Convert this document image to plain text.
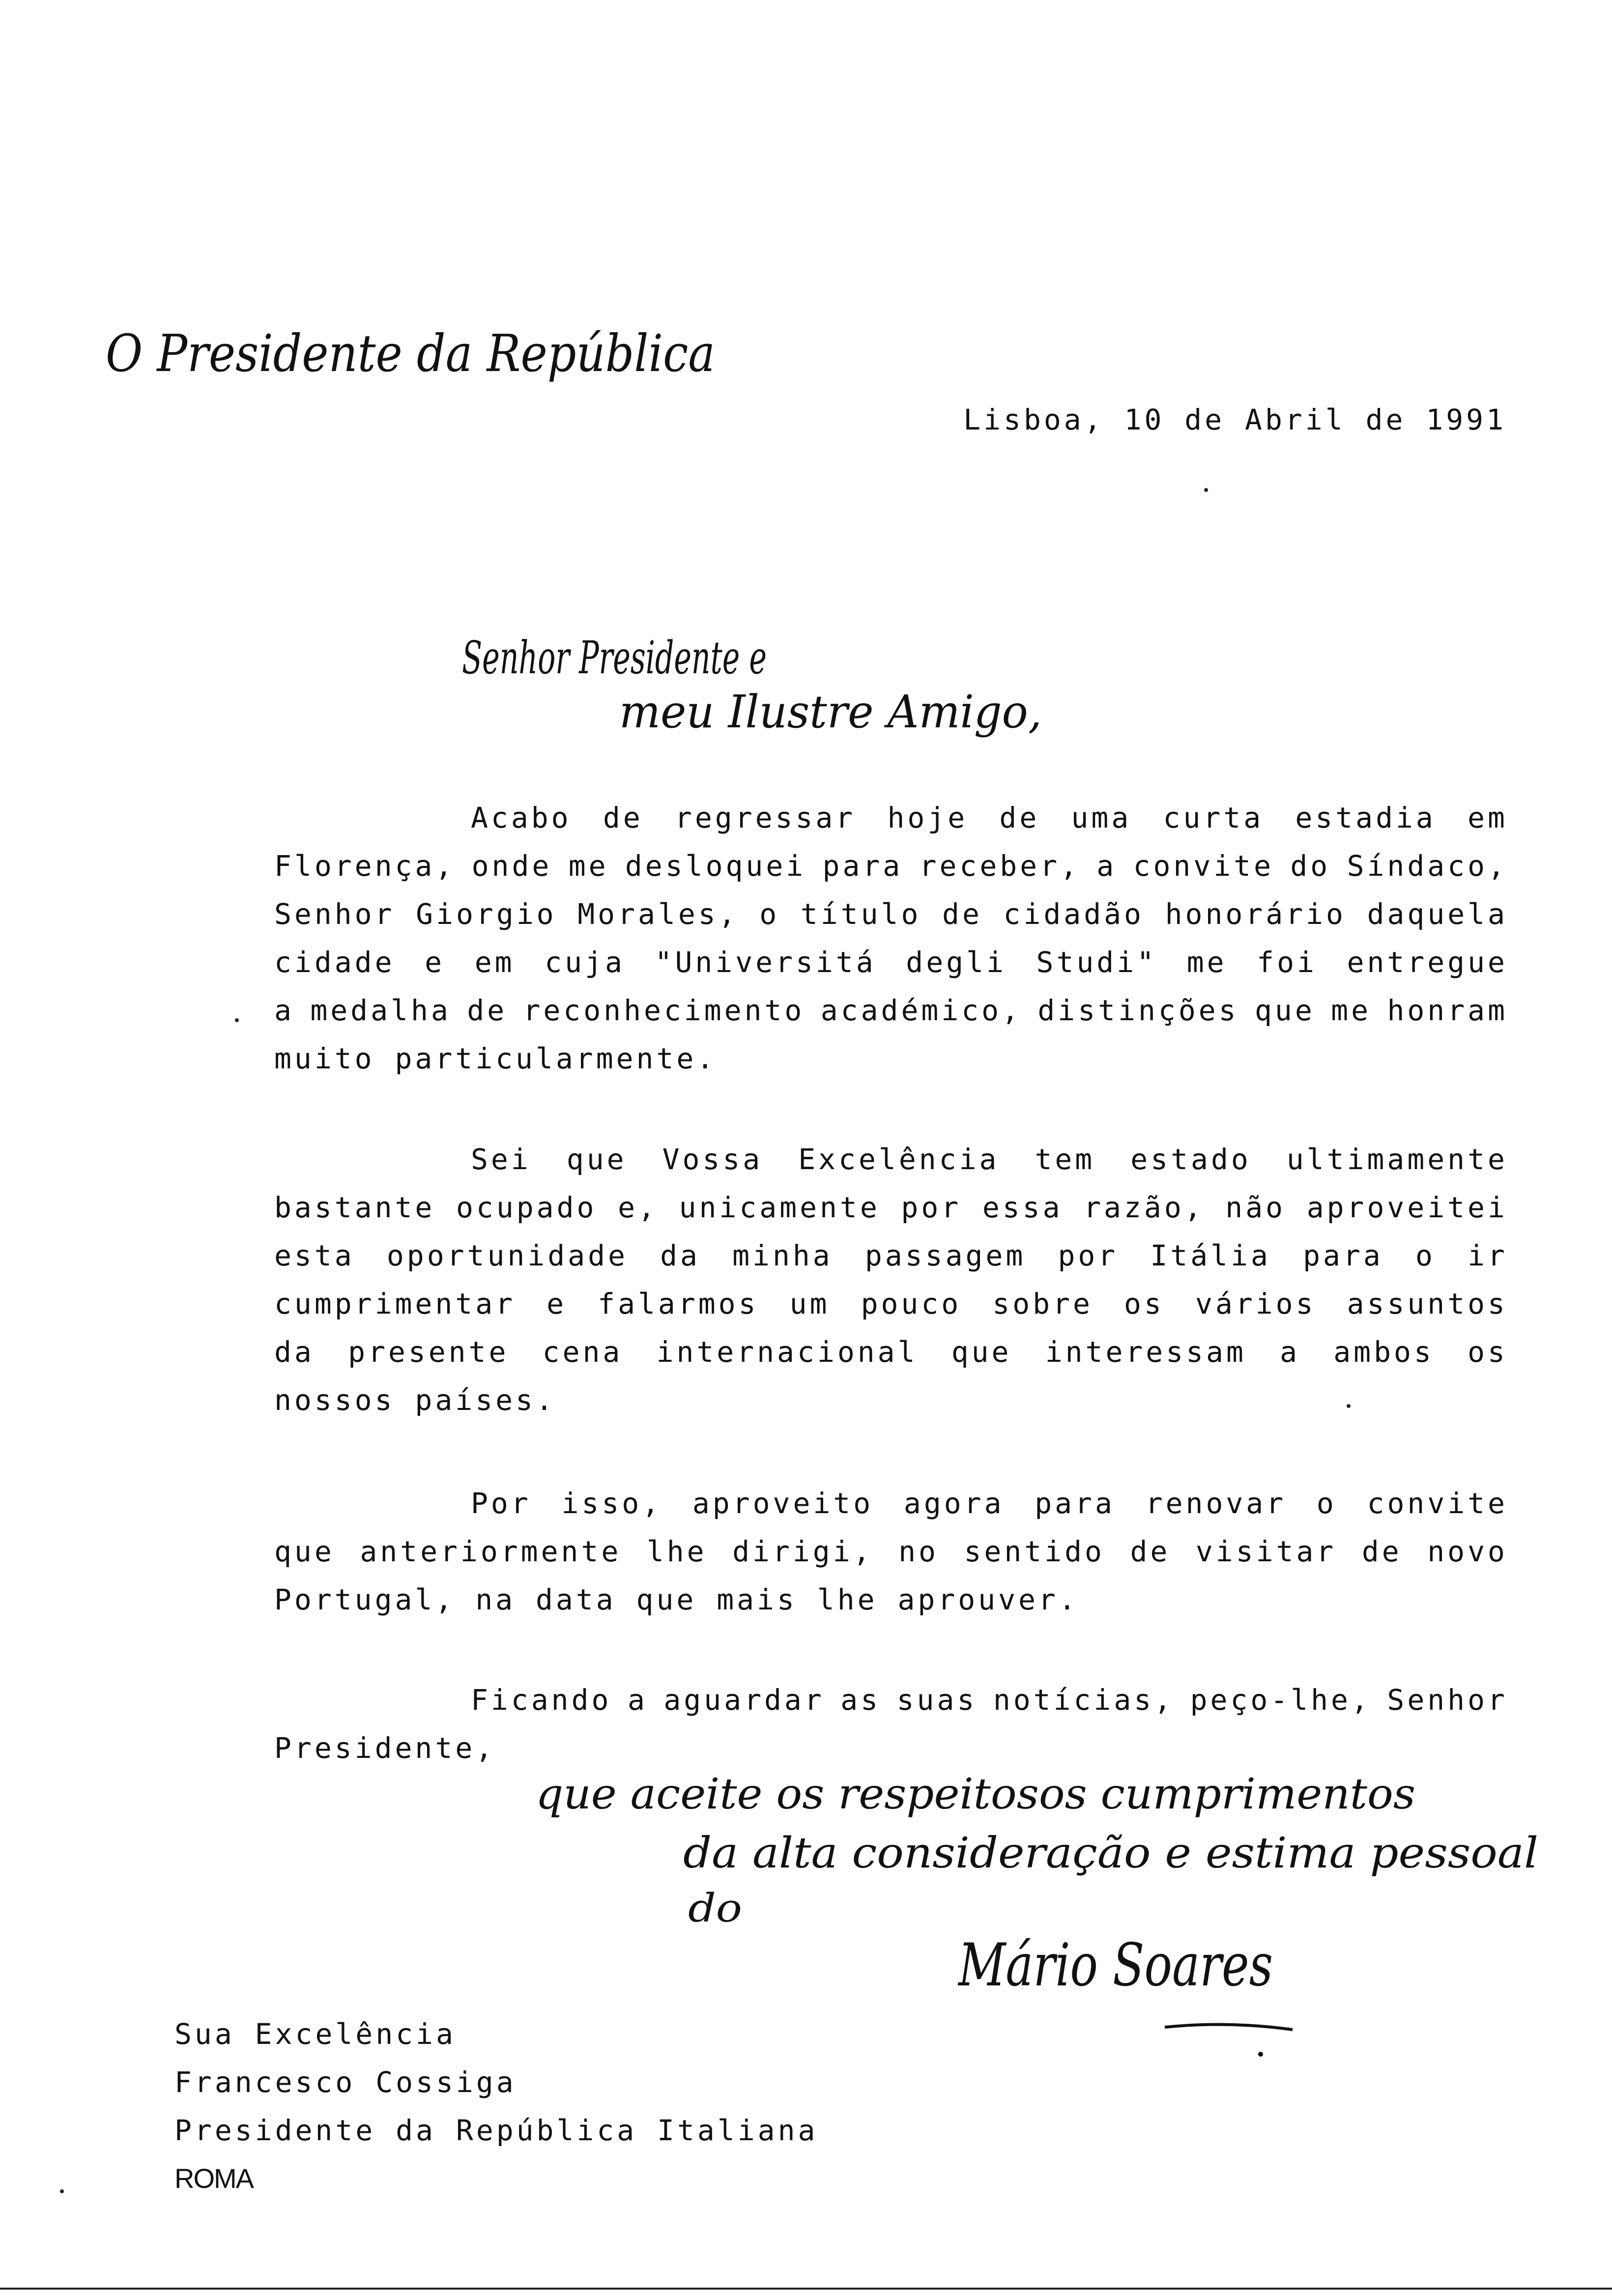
O Presidente da República
Lisboa, 10 de Abril de 1991
Senhor Presidente e
meu Ilustre Amigo,
Acabo de regressar hoje de uma curta estadia em
Florença, onde me desloquei para receber, a convite do Síndaco,
Senhor Giorgio Morales, o título de cidadão honorário daquela
cidade e em cuja "Universitá degli Studi" me foi entregue
a medalha de reconhecimento académico, distinções que me honram
muito particularmente.
Sei que Vossa Excelência tem estado ultimamente
bastante ocupado e, unicamente por essa razão, não aproveitei
esta oportunidade da minha passagem por Itália para o ir
cumprimentar e falarmos um pouco sobre os vários assuntos
da presente cena internacional que interessam a ambos os
nossos países.
Por isso, aproveito agora para renovar o convite
que anteriormente lhe dirigi, no sentido de visitar de novo
Portugal, na data que mais lhe aprouver.
Ficando a aguardar as suas notícias, peço-lhe, Senhor
Presidente,
que aceite os respeitosos cumprimentos
da alta consideração e estima pessoal
do
Mário Soares
Sua Excelência
Francesco Cossiga
Presidente da República Italiana
ROMA
